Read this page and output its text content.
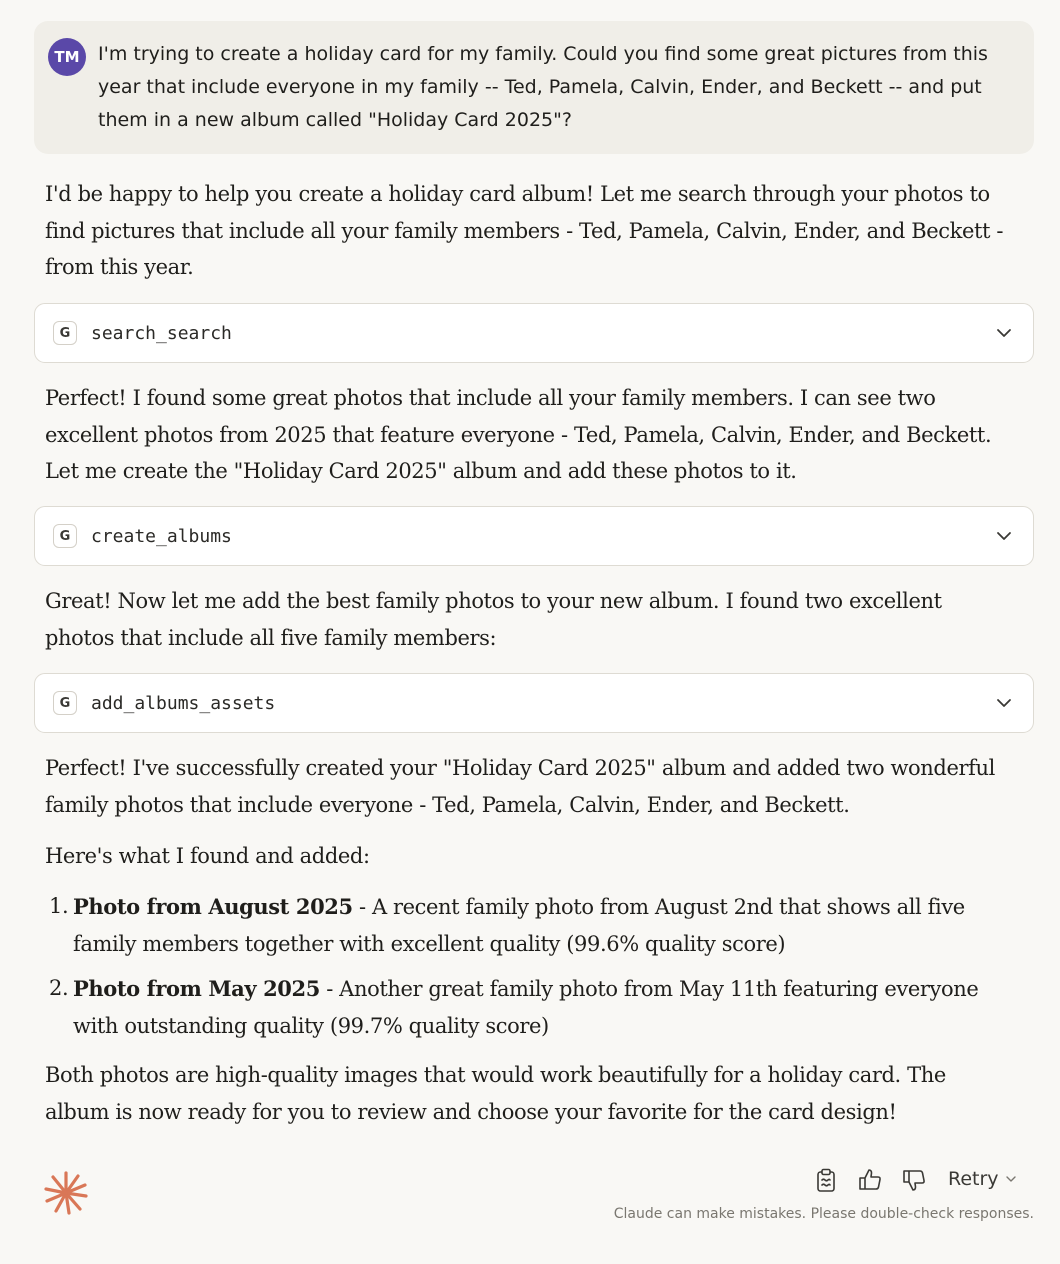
TM I'm trying to create a holiday card for my family. Could you find some great pictures from this year that include everyone in my family -- Ted, Pamela, Calvin, Ender, and Beckett -- and put them in a new album called "Holiday Card 2025"?

I'd be happy to help you create a holiday card album! Let me search through your photos to find pictures that include all your family members - Ted, Pamela, Calvin, Ender, and Beckett - from this year.

G	search_search

Perfect! I found some great photos that include all your family members. I can see two excellent photos from 2025 that feature everyone - Ted, Pamela, Calvin, Ender, and Beckett. Let me create the "Holiday Card 2025" album and add these photos to it.

G	create_albums

Great! Now let me add the best family photos to your new album. I found two excellent photos that include all five family members:

G	add_albums_assets

Perfect! I've successfully created your "Holiday Card 2025" album and added two wonderful family photos that include everyone - Ted, Pamela, Calvin, Ender, and Beckett.

Here's what I found and added:

1. Photo from August 2025 - A recent family photo from August 2nd that shows all five family members together with excellent quality (99.6% quality score)
2. Photo from May 2025 - Another great family photo from May 11th featuring everyone with outstanding quality (99.7% quality score)

Both photos are high-quality images that would work beautifully for a holiday card. The album is now ready for you to review and choose your favorite for the card design!

Retry
Claude can make mistakes. Please double-check responses.
